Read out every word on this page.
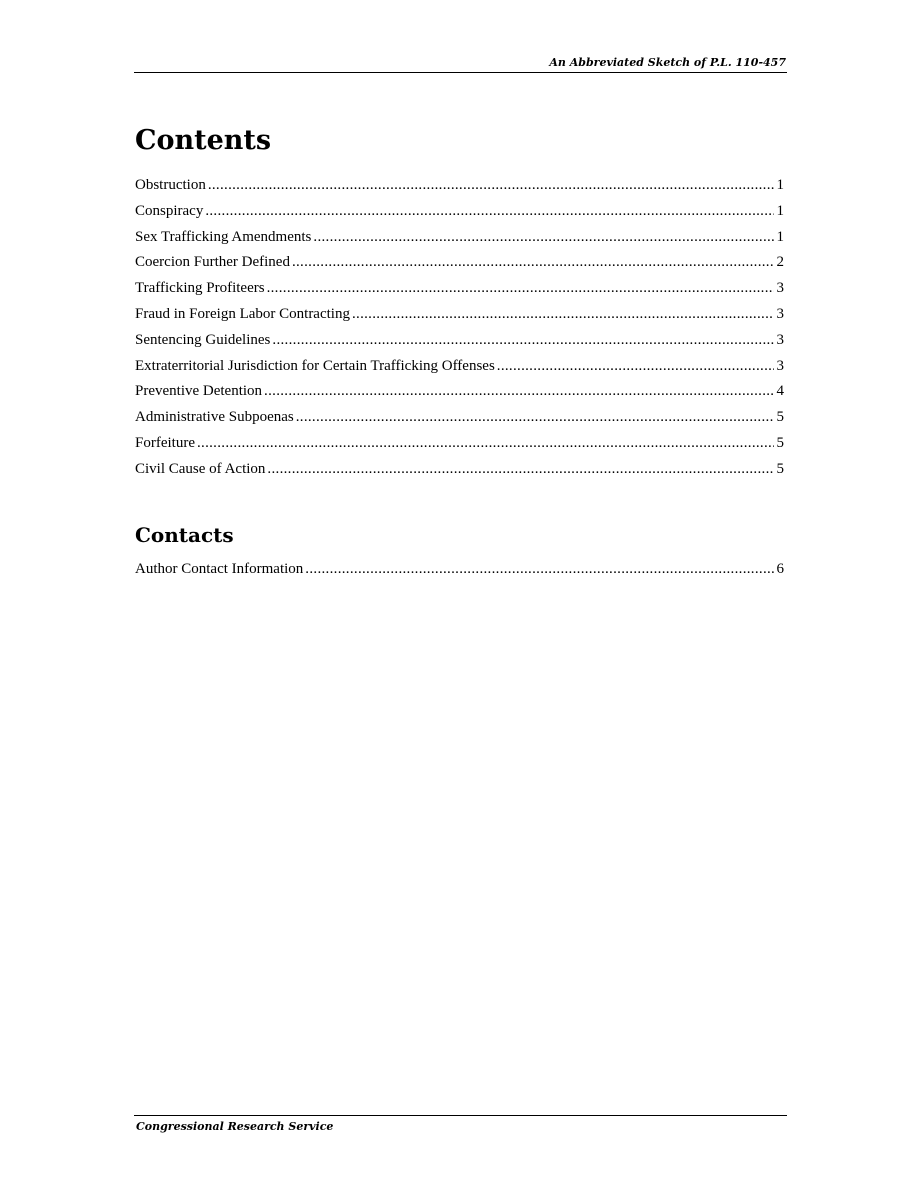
An Abbreviated Sketch of P.L. 110-457
Contents
Obstruction .....	1
Conspiracy .....	1
Sex Trafficking Amendments .....	1
Coercion Further Defined .....	2
Trafficking Profiteers .....	3
Fraud in Foreign Labor Contracting .....	3
Sentencing Guidelines .....	3
Extraterritorial Jurisdiction for Certain Trafficking Offenses .....	3
Preventive Detention .....	4
Administrative Subpoenas .....	5
Forfeiture .....	5
Civil Cause of Action .....	5
Contacts
Author Contact Information .....	6
Congressional Research Service
